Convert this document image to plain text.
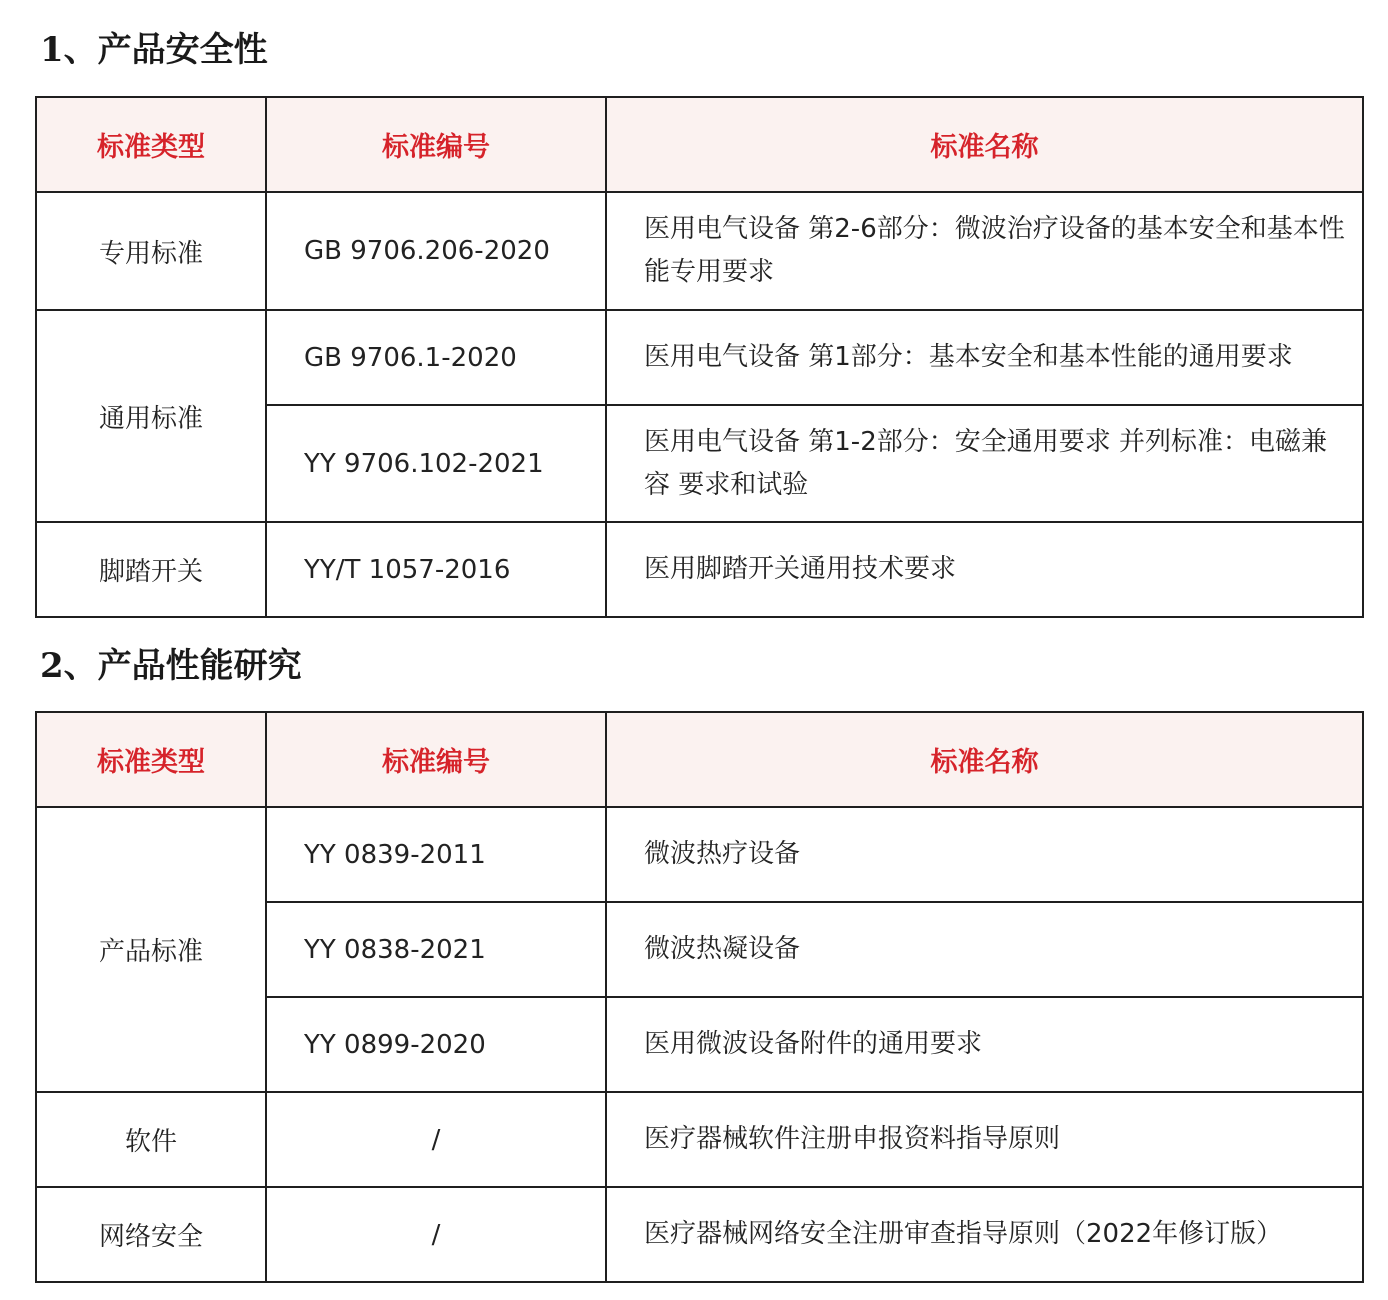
1、产品安全性
标准类型	标准编号	标准名称
专用标准	GB 9706.206-2020	医用电气设备 第2-6部分：微波治疗设备的基本安全和基本性能专用要求
通用标准	GB 9706.1-2020	医用电气设备 第1部分：基本安全和基本性能的通用要求
	YY 9706.102-2021	医用电气设备 第1-2部分：安全通用要求 并列标准：电磁兼容 要求和试验
脚踏开关	YY/T 1057-2016	医用脚踏开关通用技术要求
2、产品性能研究
标准类型	标准编号	标准名称
产品标准	YY 0839-2011	微波热疗设备
	YY 0838-2021	微波热凝设备
	YY 0899-2020	医用微波设备附件的通用要求
软件	/	医疗器械软件注册申报资料指导原则
网络安全	/	医疗器械网络安全注册审查指导原则（2022年修订版）
